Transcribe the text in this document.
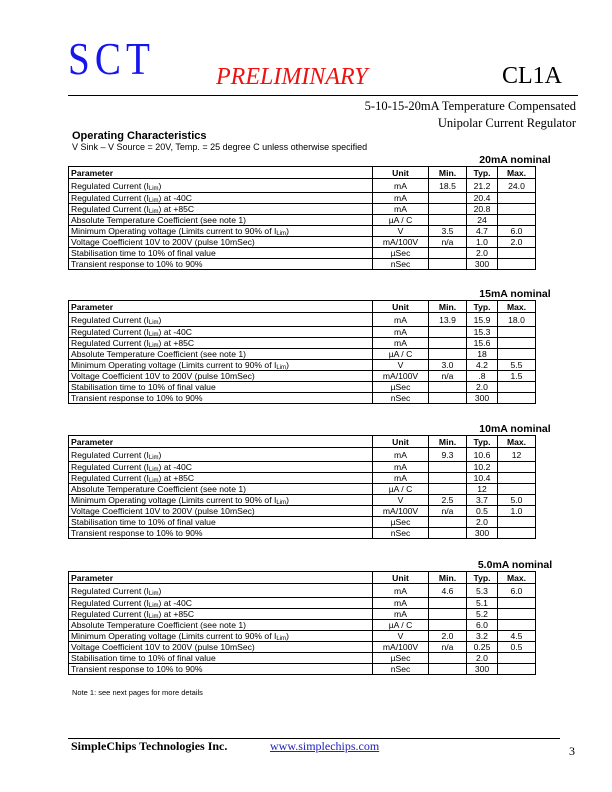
SCT	PRELIMINARY	CL1A
5-10-15-20mA Temperature Compensated
Unipolar Current Regulator
Operating Characteristics
V Sink – V Source = 20V, Temp. = 25 degree C unless otherwise specified
20mA nominal
Parameter	Unit	Min.	Typ.	Max.
Regulated Current $(I_{Lim})$	mA	18.5	21.2	24.0
Regulated Current $(I_{Lim})$ at -40C	mA		20.4	
Regulated Current $(I_{Lim})$ at +85C	mA		20.8	
Absolute Temperature Coefficient (see note 1)	µA / C		24	
Minimum Operating voltage (Limits current to 90% of $I_{Lim}$)	V	3.5	4.7	6.0
Voltage Coefficient 10V to 200V (pulse 10mSec)	mA/100V	n/a	1.0	2.0
Stabilisation time to 10% of final value	µSec		2.0	
Transient response to 10% to 90%	nSec		300	
15mA nominal
Parameter	Unit	Min.	Typ.	Max.
Regulated Current $(I_{Lim})$	mA	13.9	15.9	18.0
Regulated Current $(I_{Lim})$ at -40C	mA		15.3	
Regulated Current $(I_{Lim})$ at +85C	mA		15.6	
Absolute Temperature Coefficient (see note 1)	µA / C		18	
Minimum Operating voltage (Limits current to 90% of $I_{Lim}$)	V	3.0	4.2	5.5
Voltage Coefficient 10V to 200V (pulse 10mSec)	mA/100V	n/a	.8	1.5
Stabilisation time to 10% of final value	µSec		2.0	
Transient response to 10% to 90%	nSec		300	
10mA nominal
Parameter	Unit	Min.	Typ.	Max.
Regulated Current $(I_{Lim})$	mA	9.3	10.6	12
Regulated Current $(I_{Lim})$ at -40C	mA		10.2	
Regulated Current $(I_{Lim})$ at +85C	mA		10.4	
Absolute Temperature Coefficient (see note 1)	µA / C		12	
Minimum Operating voltage (Limits current to 90% of $I_{Lim}$)	V	2.5	3.7	5.0
Voltage Coefficient 10V to 200V (pulse 10mSec)	mA/100V	n/a	0.5	1.0
Stabilisation time to 10% of final value	µSec		2.0	
Transient response to 10% to 90%	nSec		300	
5.0mA nominal
Parameter	Unit	Min.	Typ.	Max.
Regulated Current $(I_{Lim})$	mA	4.6	5.3	6.0
Regulated Current $(I_{Lim})$ at -40C	mA		5.1	
Regulated Current $(I_{Lim})$ at +85C	mA		5.2	
Absolute Temperature Coefficient (see note 1)	µA / C		6.0	
Minimum Operating voltage (Limits current to 90% of $I_{Lim}$)	V	2.0	3.2	4.5
Voltage Coefficient 10V to 200V (pulse 10mSec)	mA/100V	n/a	0.25	0.5
Stabilisation time to 10% of final value	µSec		2.0	
Transient response to 10% to 90%	nSec		300	
Note 1: see next pages for more details
SimpleChips Technologies Inc.	www.simplechips.com	3
